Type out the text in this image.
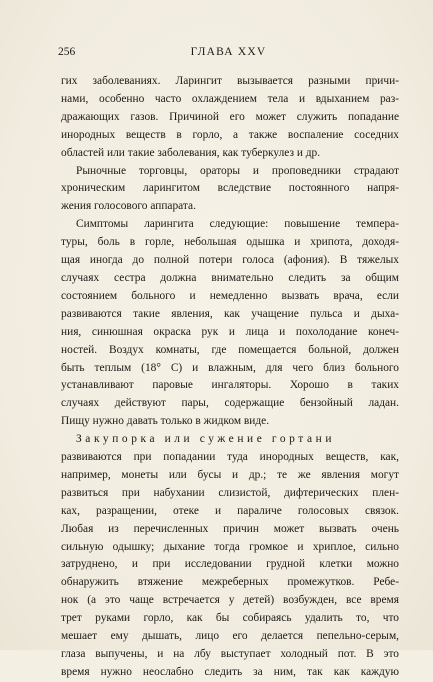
256	ГЛАВА XXV
гих заболеваниях. Ларингит вызывается разными причи-
нами, особенно часто охлаждением тела и вдыханием раз-
дражающих газов. Причиной его может служить попадание
инородных веществ в горло, а также воспаление соседних
областей или такие заболевания, как туберкулез и др.
Рыночные торговцы, ораторы и проповедники страдают
хроническим ларингитом вследствие постоянного напря-
жения голосового аппарата.
Симптомы ларингита следующие: повышение темпера-
туры, боль в горле, небольшая одышка и хрипота, доходя-
щая иногда до полной потери голоса (афония). В тяжелых
случаях сестра должна внимательно следить за общим
состоянием больного и немедленно вызвать врача, если
развиваются такие явления, как учащение пульса и дыха-
ния, синюшная окраска рук и лица и похолодание конеч-
ностей. Воздух комнаты, где помещается больной, должен
быть теплым (18° С) и влажным, для чего близ больного
устанавливают паровые ингаляторы. Хорошо в таких
случаях действуют пары, содержащие бензойный ладан.
Пищу нужно давать только в жидком виде.
Закупорка или сужение гортани
развиваются при попадании туда инородных веществ, как,
например, монеты или бусы и др.; те же явления могут
развиться при набухании слизистой, дифтерических плен-
ках, разращении, отеке и параличе голосовых связок.
Любая из перечисленных причин может вызвать очень
сильную одышку; дыхание тогда громкое и хриплое, сильно
затруднено, и при исследовании грудной клетки можно
обнаружить втяжение межреберных промежутков. Ребе-
нок (а это чаще встречается у детей) возбужден, все время
трет руками горло, как бы собираясь удалить то, что
мешает ему дышать, лицо его делается пепельно-серым,
глаза выпучены, и на лбу выступает холодный пот. В это
время нужно неослабно следить за ним, так как каждую
